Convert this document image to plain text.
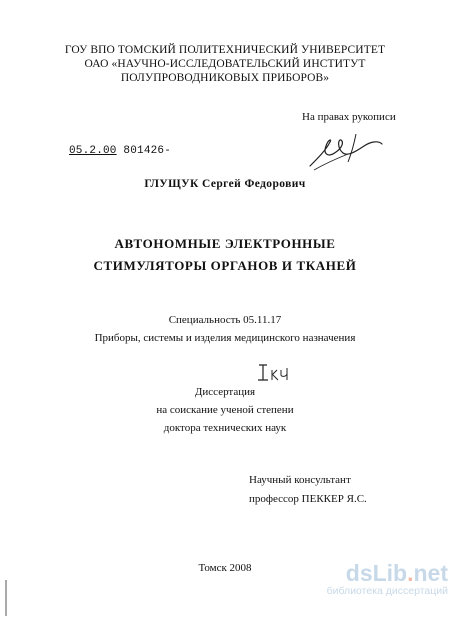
ГОУ ВПО ТОМСКИЙ ПОЛИТЕХНИЧЕСКИЙ УНИВЕРСИТЕТ
ОАО «НАУЧНО-ИССЛЕДОВАТЕЛЬСКИЙ ИНСТИТУТ
ПОЛУПРОВОДНИКОВЫХ ПРИБОРОВ»
На правах рукописи
05.2.00 801426-
ГЛУЩУК Сергей Федорович
АВТОНОМНЫЕ ЭЛЕКТРОННЫЕ
СТИМУЛЯТОРЫ ОРГАНОВ И ТКАНЕЙ
Специальность 05.11.17
Приборы, системы и изделия медицинского назначения
Диссертация
на соискание ученой степени
доктора технических наук
Научный консультант
профессор ПЕККЕР Я.С.
Томск 2008	dsLib.net
библиотека диссертаций
